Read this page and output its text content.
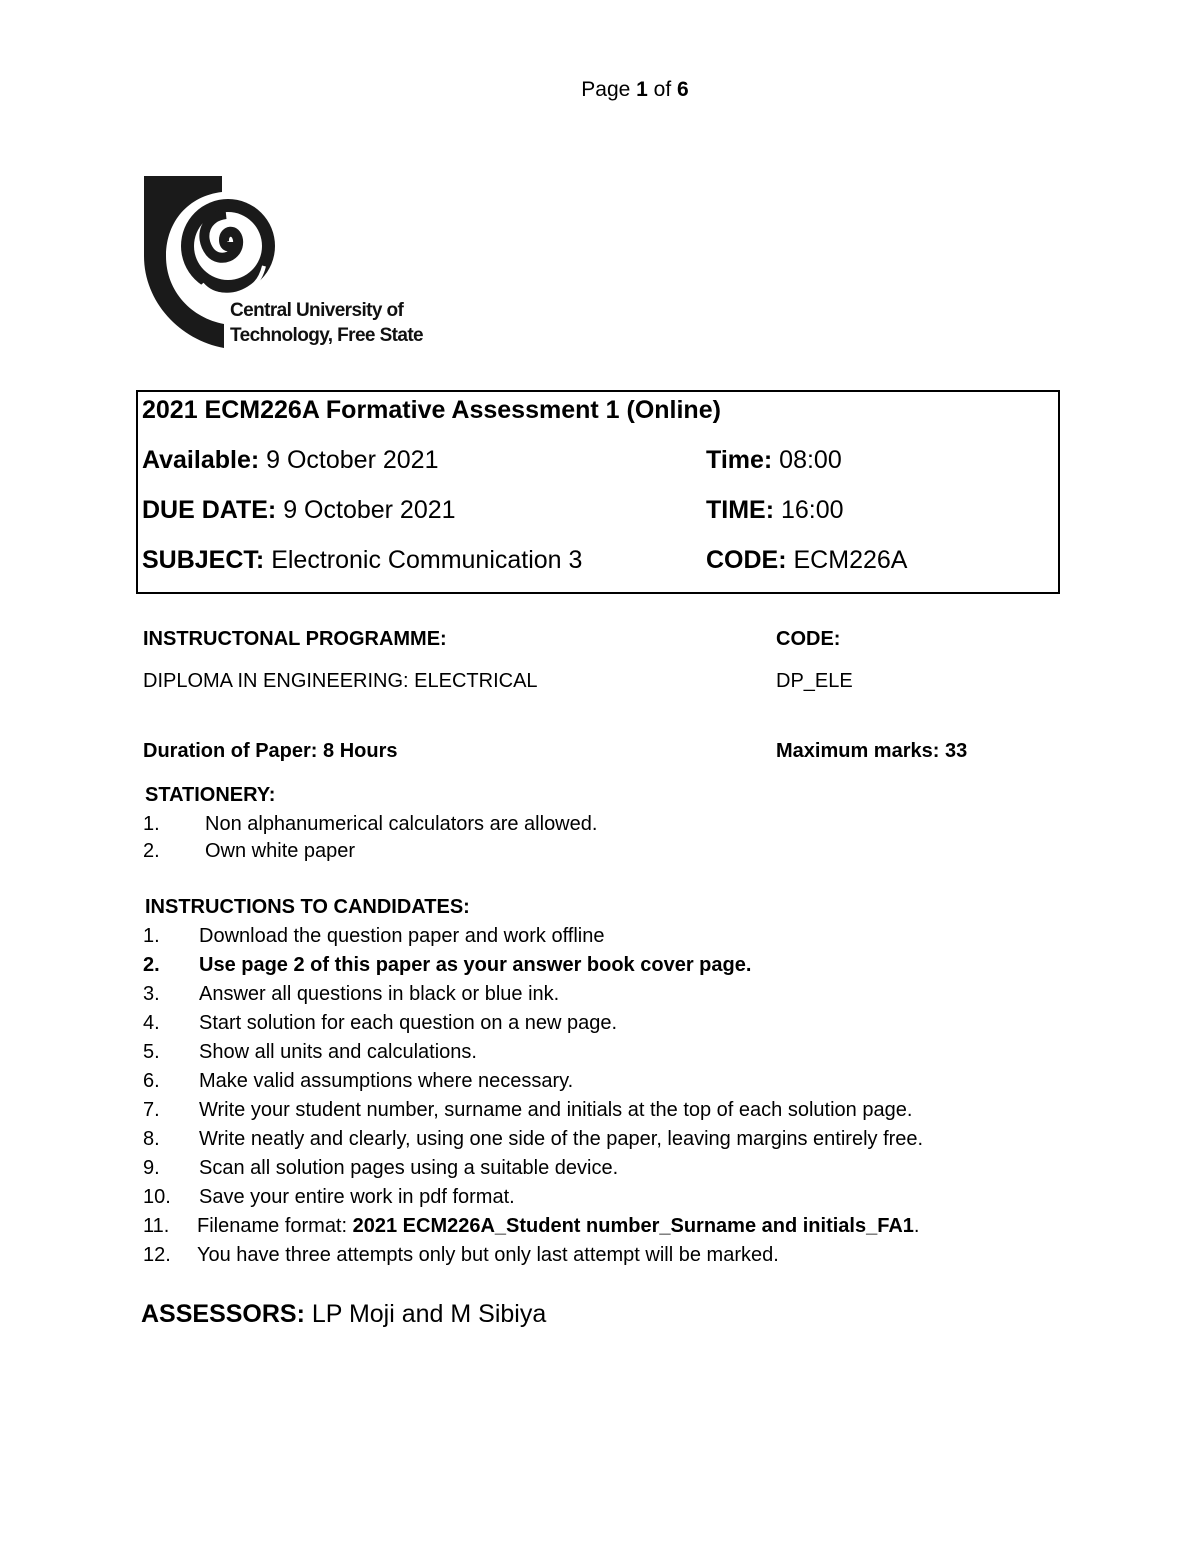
Page 1 of 6
Central University of
Technology, Free State
2021 ECM226A Formative Assessment 1 (Online)
Available: 9 October 2021	Time: 08:00
DUE DATE: 9 October 2021	TIME: 16:00
SUBJECT: Electronic Communication 3	CODE: ECM226A
INSTRUCTONAL PROGRAMME:	CODE:
DIPLOMA IN ENGINEERING: ELECTRICAL	DP_ELE
Duration of Paper: 8 Hours	Maximum marks: 33
STATIONERY:
1. Non alphanumerical calculators are allowed.
2. Own white paper
INSTRUCTIONS TO CANDIDATES:
1. Download the question paper and work offline
2. Use page 2 of this paper as your answer book cover page.
3. Answer all questions in black or blue ink.
4. Start solution for each question on a new page.
5. Show all units and calculations.
6. Make valid assumptions where necessary.
7. Write your student number, surname and initials at the top of each solution page.
8. Write neatly and clearly, using one side of the paper, leaving margins entirely free.
9. Scan all solution pages using a suitable device.
10. Save your entire work in pdf format.
11. Filename format: 2021 ECM226A_Student number_Surname and initials_FA1.
12. You have three attempts only but only last attempt will be marked.
ASSESSORS: LP Moji and M Sibiya
